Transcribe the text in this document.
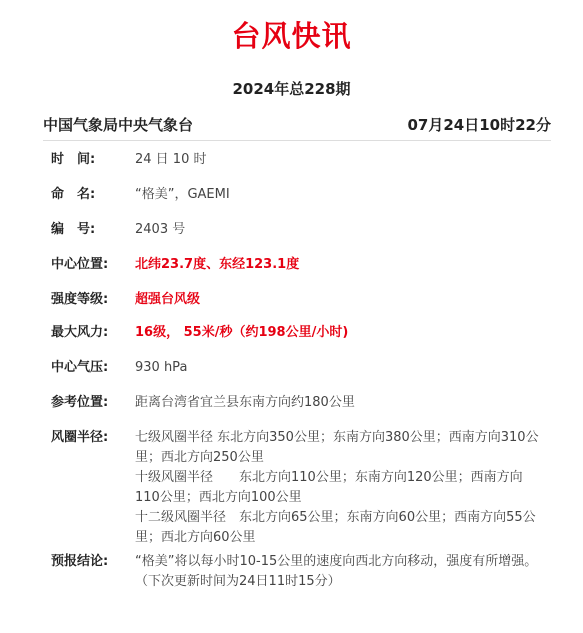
台风快讯
2024年总228期
中国气象局中央气象台	07月24日10时22分
时　间:	24 日 10 时
命　名:	“格美”，GAEMI
编　号:	2403 号
中心位置:	北纬23.7度、东经123.1度
强度等级:	超强台风级
最大风力:	16级， 55米/秒（约198公里/小时)
中心气压:	930 hPa
参考位置:	距离台湾省宜兰县东南方向约180公里
风圈半径:	七级风圈半径 东北方向350公里；东南方向380公里；西南方向310公里；西北方向250公里
十级风圈半径　　东北方向110公里；东南方向120公里；西南方向110公里；西北方向100公里
十二级风圈半径　东北方向65公里；东南方向60公里；西南方向55公里；西北方向60公里
预报结论:	“格美”将以每小时10-15公里的速度向西北方向移动，强度有所增强。
（下次更新时间为24日11时15分）
